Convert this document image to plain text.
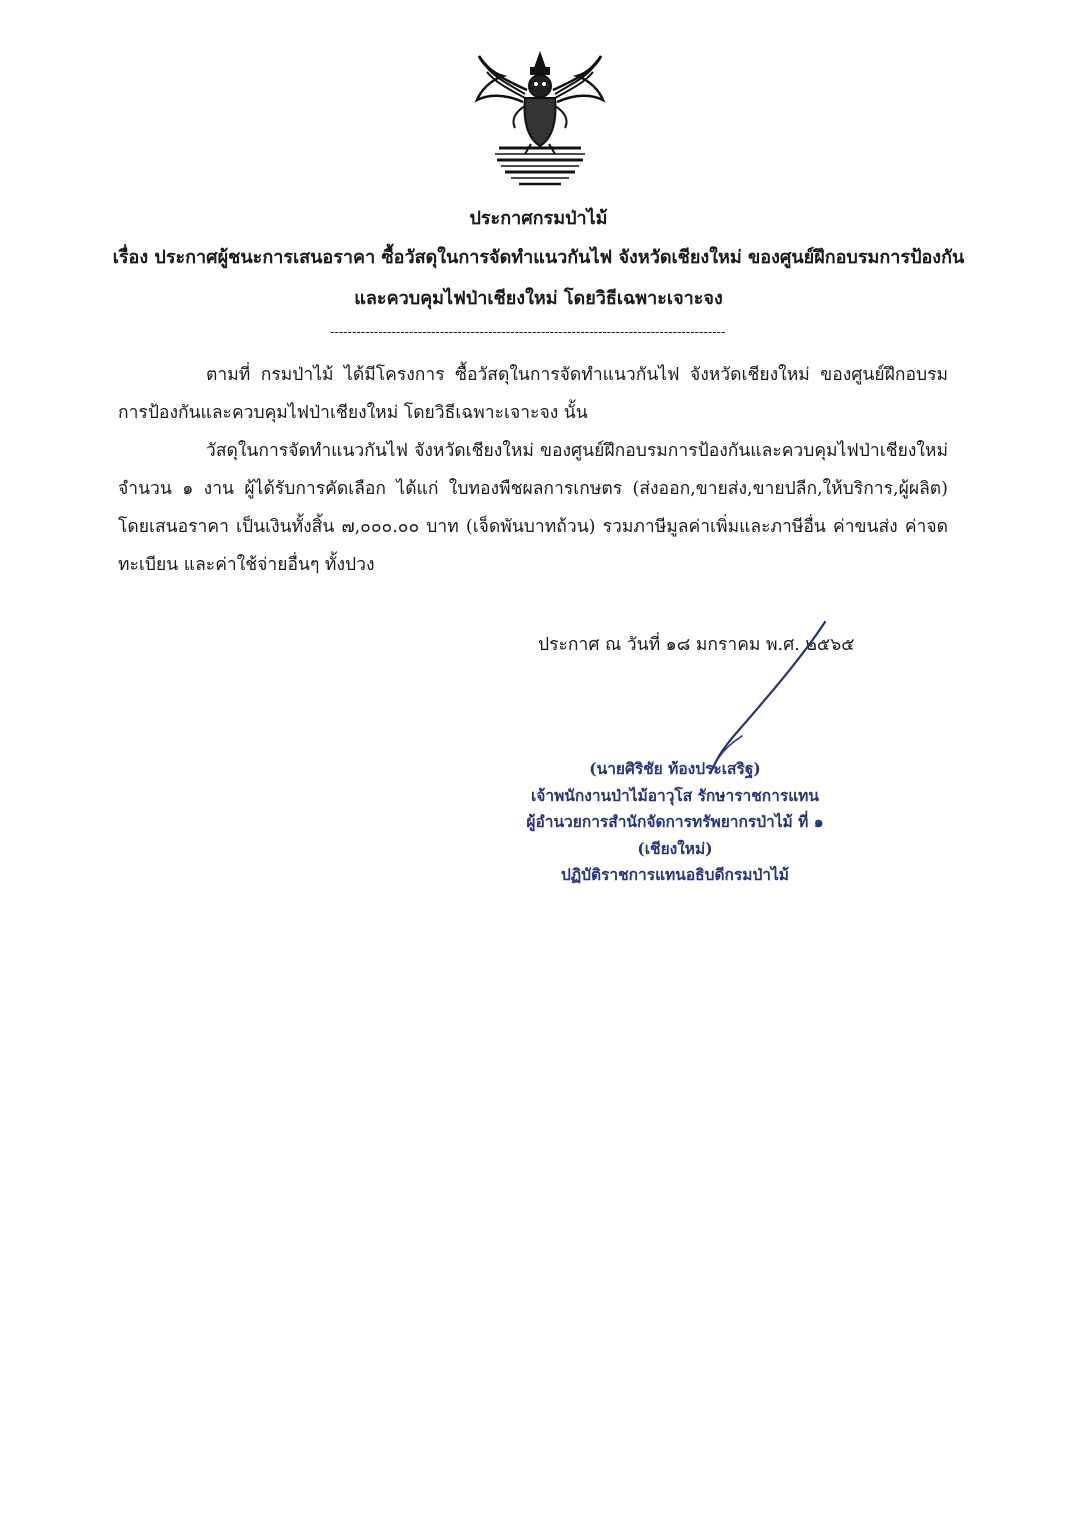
ประกาศกรมป่าไม้
เรื่อง ประกาศผู้ชนะการเสนอราคา ซื้อวัสดุในการจัดทำแนวกันไฟ จังหวัดเชียงใหม่ ของศูนย์ฝึกอบรมการป้องกัน
และควบคุมไฟป่าเชียงใหม่ โดยวิธีเฉพาะเจาะจง
------------------------------------------------------------------------------------------
ตามที่ กรมป่าไม้ ได้มีโครงการ ซื้อวัสดุในการจัดทำแนวกันไฟ จังหวัดเชียงใหม่ ของศูนย์ฝึกอบรมการป้องกันและควบคุมไฟป่าเชียงใหม่ โดยวิธีเฉพาะเจาะจง นั้น
วัสดุในการจัดทำแนวกันไฟ จังหวัดเชียงใหม่ ของศูนย์ฝึกอบรมการป้องกันและควบคุมไฟป่าเชียงใหม่ จำนวน ๑ งาน ผู้ได้รับการคัดเลือก ได้แก่ ใบทองพืชผลการเกษตร (ส่งออก,ขายส่ง,ขายปลีก,ให้บริการ,ผู้ผลิต) โดยเสนอราคา เป็นเงินทั้งสิ้น ๗,๐๐๐.๐๐ บาท (เจ็ดพันบาทถ้วน) รวมภาษีมูลค่าเพิ่มและภาษีอื่น ค่าขนส่ง ค่าจดทะเบียน และค่าใช้จ่ายอื่นๆ ทั้งปวง
ประกาศ ณ วันที่ ๑๘ มกราคม พ.ศ. ๒๕๖๕
(นายศิริชัย ท้องประเสริฐ)
เจ้าพนักงานป่าไม้อาวุโส รักษาราชการแทน
ผู้อำนวยการสำนักจัดการทรัพยากรป่าไม้ ที่ ๑ (เชียงใหม่)
ปฏิบัติราชการแทนอธิบดีกรมป่าไม้
